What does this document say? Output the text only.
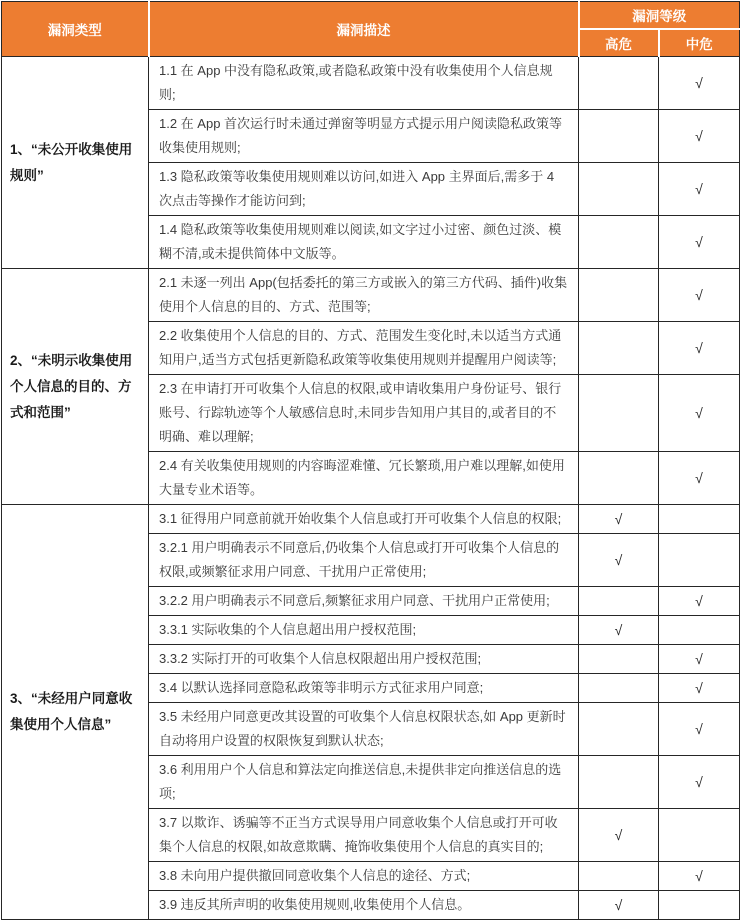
漏洞类型	漏洞描述	漏洞等级	
		高危	中危
1、“未公开收集使用规则”	1.1 在 App 中没有隐私政策,或者隐私政策中没有收集使用个人信息规则;		√
	1.2 在 App 首次运行时未通过弹窗等明显方式提示用户阅读隐私政策等收集使用规则;		√
	1.3 隐私政策等收集使用规则难以访问,如进入 App 主界面后,需多于 4 次点击等操作才能访问到;		√
	1.4 隐私政策等收集使用规则难以阅读,如文字过小过密、颜色过淡、模糊不清,或未提供简体中文版等。		√
2、“未明示收集使用个人信息的目的、方式和范围”	2.1 未逐一列出 App(包括委托的第三方或嵌入的第三方代码、插件)收集使用个人信息的目的、方式、范围等;		√
	2.2 收集使用个人信息的目的、方式、范围发生变化时,未以适当方式通知用户,适当方式包括更新隐私政策等收集使用规则并提醒用户阅读等;		√
	2.3 在申请打开可收集个人信息的权限,或申请收集用户身份证号、银行账号、行踪轨迹等个人敏感信息时,未同步告知用户其目的,或者目的不明确、难以理解;		√
	2.4 有关收集使用规则的内容晦涩难懂、冗长繁琐,用户难以理解,如使用大量专业术语等。		√
3、“未经用户同意收集使用个人信息”	3.1 征得用户同意前就开始收集个人信息或打开可收集个人信息的权限;	√	
	3.2.1 用户明确表示不同意后,仍收集个人信息或打开可收集个人信息的权限,或频繁征求用户同意、干扰用户正常使用;	√	
	3.2.2 用户明确表示不同意后,频繁征求用户同意、干扰用户正常使用;		√
	3.3.1 实际收集的个人信息超出用户授权范围;	√	
	3.3.2 实际打开的可收集个人信息权限超出用户授权范围;		√
	3.4 以默认选择同意隐私政策等非明示方式征求用户同意;		√
	3.5 未经用户同意更改其设置的可收集个人信息权限状态,如 App 更新时自动将用户设置的权限恢复到默认状态;		√
	3.6 利用用户个人信息和算法定向推送信息,未提供非定向推送信息的选项;		√
	3.7 以欺诈、诱骗等不正当方式误导用户同意收集个人信息或打开可收集个人信息的权限,如故意欺瞒、掩饰收集使用个人信息的真实目的;	√	
	3.8 未向用户提供撤回同意收集个人信息的途径、方式;		√
	3.9 违反其所声明的收集使用规则,收集使用个人信息。	√	
